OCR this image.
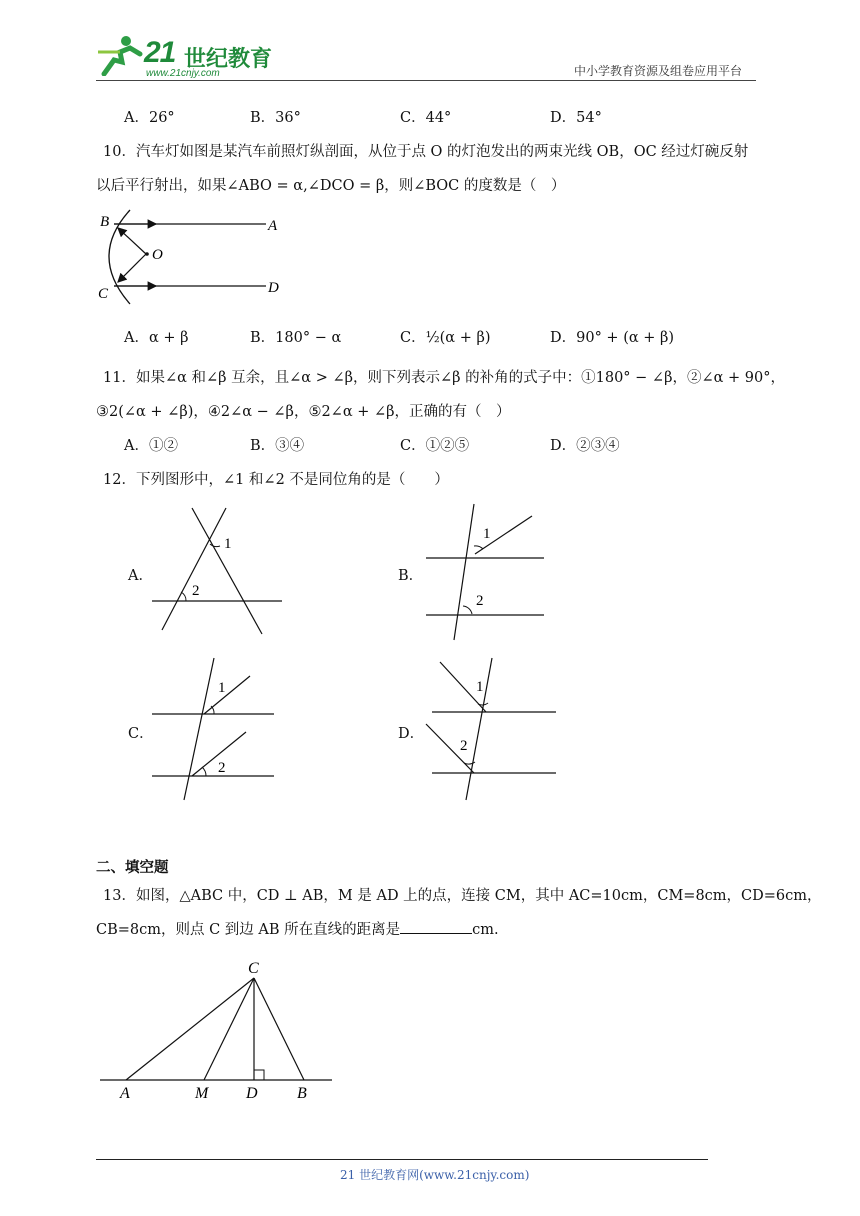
21 世纪教育
www.21cnjy.com	中小学教育资源及组卷应用平台
A．26°	B．36°	C．44°	D．54°
10．汽车灯如图是某汽车前照灯纵剖面，从位于点 O 的灯泡发出的两束光线 OB，OC 经过灯碗反射
以后平行射出，如果∠ABO = α,∠DCO = β，则∠BOC 的度数是（　）
B	A
O
C	D
A．α + β	B．180° − α	C．½(α + β)	D．90° + (α + β)
11．如果∠α 和∠β 互余，且∠α > ∠β，则下列表示∠β 的补角的式子中：①180° − ∠β，②∠α + 90°，
③2(∠α + ∠β)，④2∠α − ∠β，⑤2∠α + ∠β，正确的有（　）
A．①②	B．③④	C．①②⑤	D．②③④
12．下列图形中，∠1 和∠2 不是同位角的是（　　）
A．
1
2
B．
1
2
C．
1
2
D．
1
2
二、填空题
13．如图，△ABC 中，CD ⊥ AB，M 是 AD 上的点，连接 CM，其中 AC=10cm，CM=8cm，CD=6cm，
CB=8cm，则点 C 到边 AB 所在直线的距离是	cm.
C
A	M D B
21 世纪教育网(www.21cnjy.com)
